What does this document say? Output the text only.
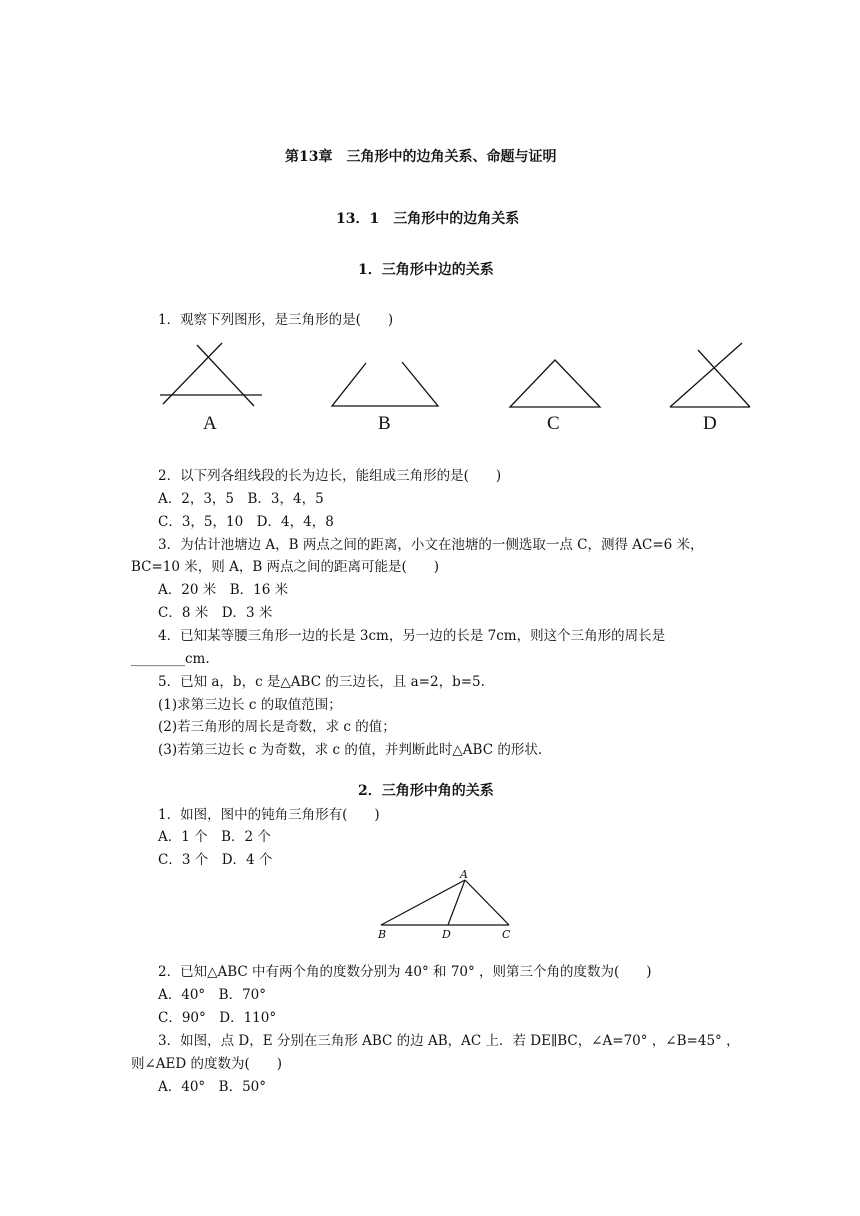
第13章　三角形中的边角关系、命题与证明
13．1　三角形中的边角关系
1．三角形中边的关系
1．观察下列图形，是三角形的是(　　)
A	B	C	D
2．以下列各组线段的长为边长，能组成三角形的是(　　)
A．2，3，5　B．3，4，5
C．3，5，10　D．4，4，8
3．为估计池塘边 A，B 两点之间的距离，小文在池塘的一侧选取一点 C，测得 AC=6 米，
BC=10 米，则 A，B 两点之间的距离可能是(　　)
A．20 米　B．16 米
C．8 米　D．3 米
4．已知某等腰三角形一边的长是 3cm，另一边的长是 7cm，则这个三角形的周长是
________cm.
5．已知 a，b，c 是△ABC 的三边长，且 a=2，b=5.
(1)求第三边长 c 的取值范围；
(2)若三角形的周长是奇数，求 c 的值；
(3)若第三边长 c 为奇数，求 c 的值，并判断此时△ABC 的形状.
2．三角形中角的关系
1．如图，图中的钝角三角形有(　　)
A．1 个　B．2 个
C．3 个　D．4 个
A
B	D	C
2．已知△ABC 中有两个角的度数分别为 40° 和 70° ，则第三个角的度数为(　　)
A．40°　B．70°
C．90°　D．110°
3．如图，点 D，E 分别在三角形 ABC 的边 AB，AC 上．若 DE∥BC，∠A=70° ，∠B=45° ，
则∠AED 的度数为(　　)
A．40°　B．50°
